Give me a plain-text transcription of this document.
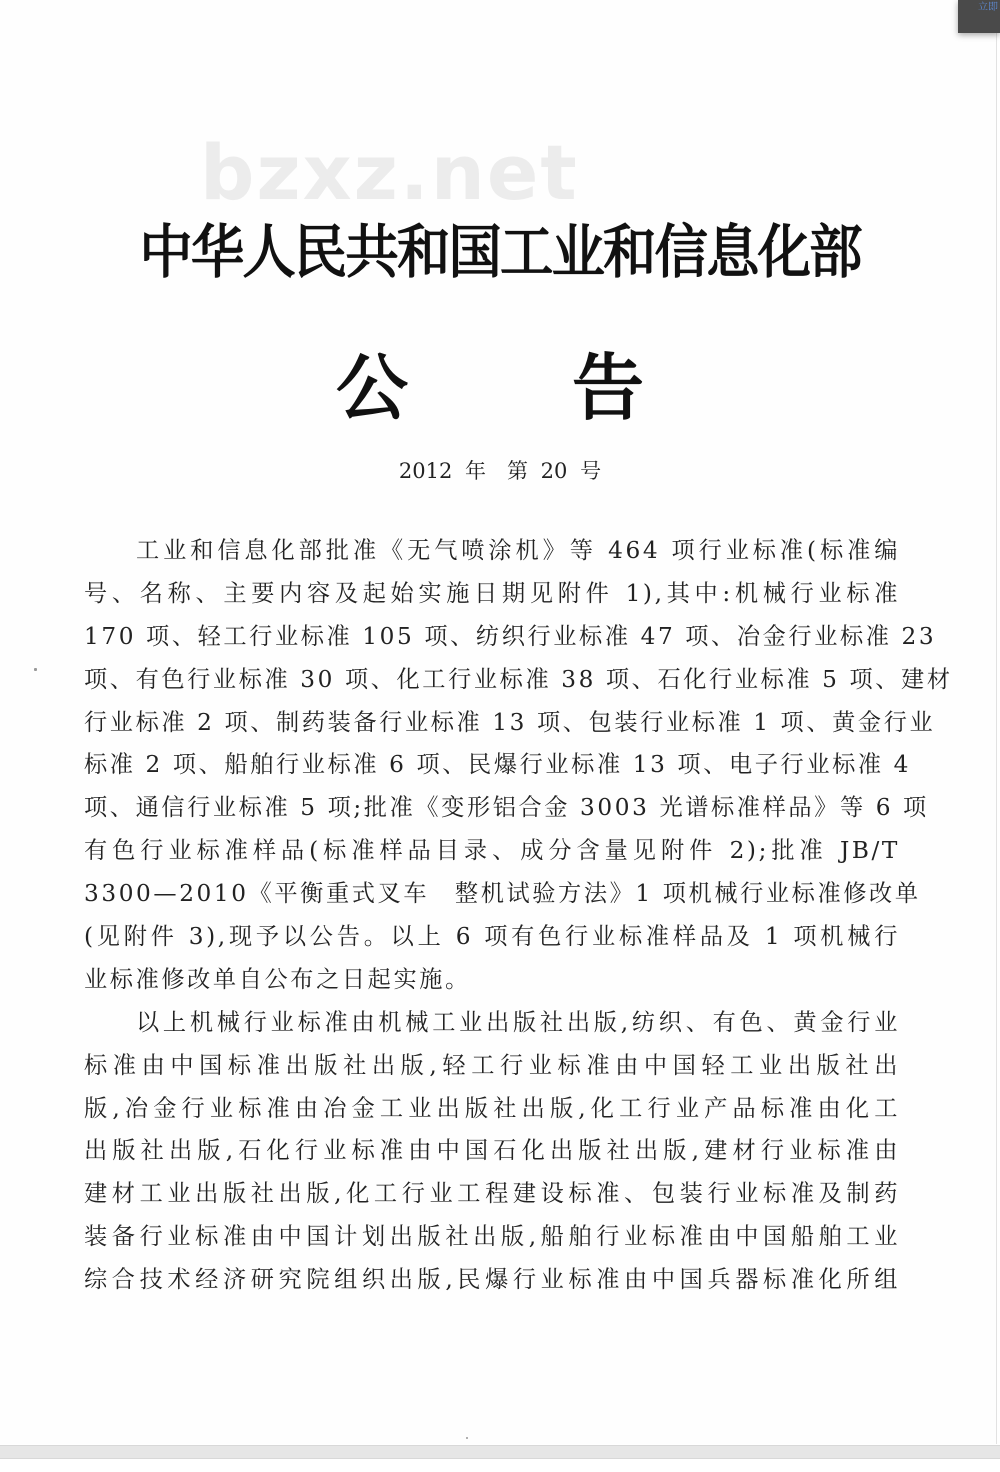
bzxz.net
中华人民共和国工业和信息化部
公 告
2012 年　第 20 号
工业和信息化部批准《无气喷涂机》等 464 项行业标准(标准编
号、名称、主要内容及起始实施日期见附件 1),其中:机械行业标准
170 项、轻工行业标准 105 项、纺织行业标准 47 项、冶金行业标准 23
项、有色行业标准 30 项、化工行业标准 38 项、石化行业标准 5 项、建材
行业标准 2 项、制药装备行业标准 13 项、包装行业标准 1 项、黄金行业
标准 2 项、船舶行业标准 6 项、民爆行业标准 13 项、电子行业标准 4
项、通信行业标准 5 项;批准《变形铝合金 3003 光谱标准样品》等 6 项
有色行业标准样品(标准样品目录、成分含量见附件 2);批准 JB/T
3300—2010《平衡重式叉车　整机试验方法》1 项机械行业标准修改单
(见附件 3),现予以公告。以上 6 项有色行业标准样品及 1 项机械行
业标准修改单自公布之日起实施。
以上机械行业标准由机械工业出版社出版,纺织、有色、黄金行业
标准由中国标准出版社出版,轻工行业标准由中国轻工业出版社出
版,冶金行业标准由冶金工业出版社出版,化工行业产品标准由化工
出版社出版,石化行业标准由中国石化出版社出版,建材行业标准由
建材工业出版社出版,化工行业工程建设标准、包装行业标准及制药
装备行业标准由中国计划出版社出版,船舶行业标准由中国船舶工业
综合技术经济研究院组织出版,民爆行业标准由中国兵器标准化所组
立即
